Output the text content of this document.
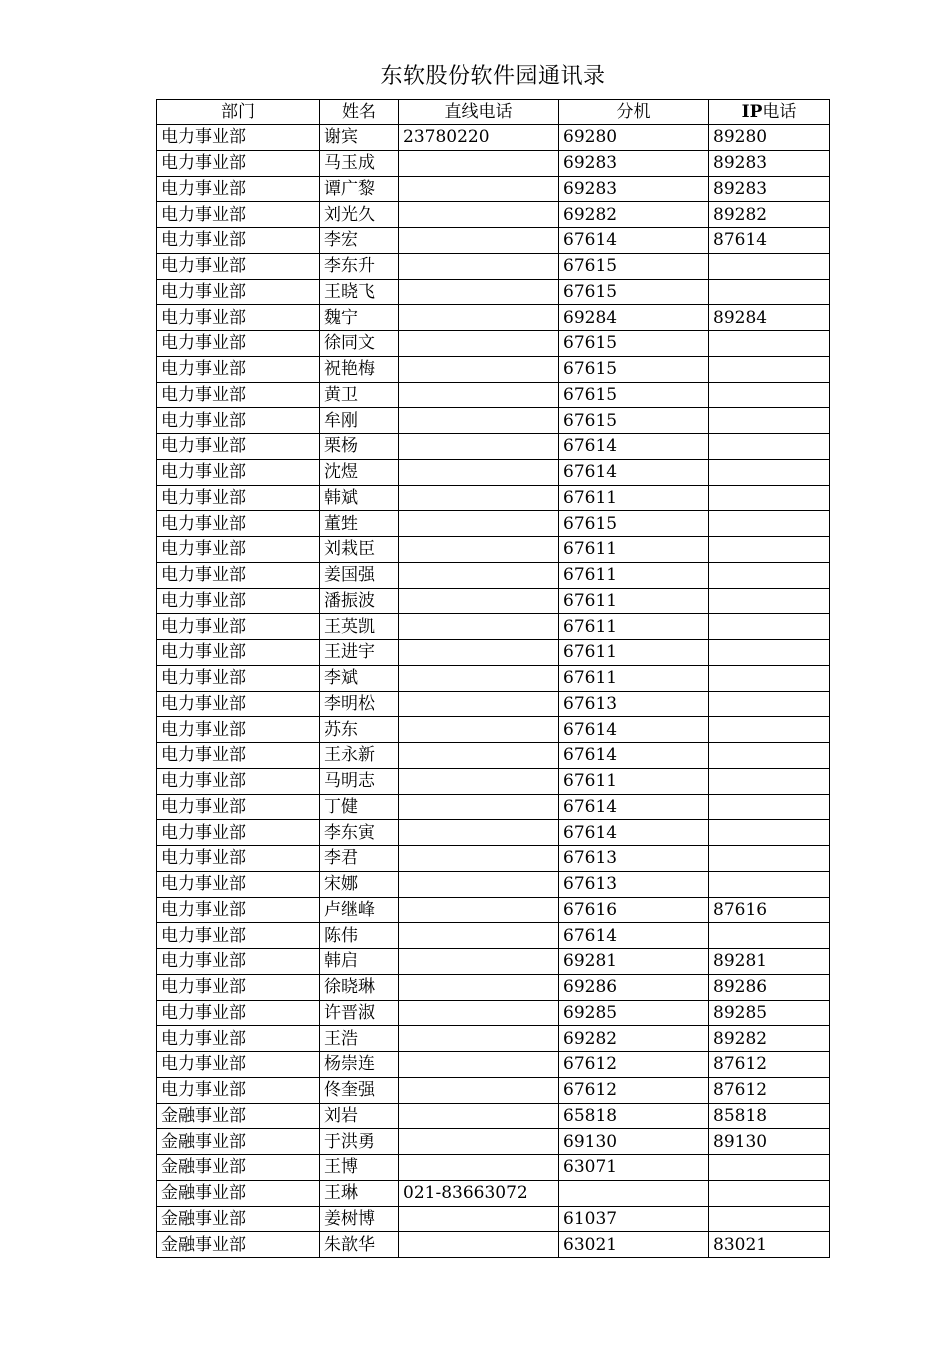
东软股份软件园通讯录
部门	姓名	直线电话	分机	IP电话
电力事业部	谢宾	23780220	69280	89280
电力事业部	马玉成		69283	89283
电力事业部	谭广黎		69283	89283
电力事业部	刘光久		69282	89282
电力事业部	李宏		67614	87614
电力事业部	李东升		67615	
电力事业部	王晓飞		67615	
电力事业部	魏宁		69284	89284
电力事业部	徐同文		67615	
电力事业部	祝艳梅		67615	
电力事业部	黄卫		67615	
电力事业部	牟刚		67615	
电力事业部	栗杨		67614	
电力事业部	沈煜		67614	
电力事业部	韩斌		67611	
电力事业部	董甡		67615	
电力事业部	刘栽臣		67611	
电力事业部	姜国强		67611	
电力事业部	潘振波		67611	
电力事业部	王英凯		67611	
电力事业部	王进宇		67611	
电力事业部	李斌		67611	
电力事业部	李明松		67613	
电力事业部	苏东		67614	
电力事业部	王永新		67614	
电力事业部	马明志		67611	
电力事业部	丁健		67614	
电力事业部	李东寅		67614	
电力事业部	李君		67613	
电力事业部	宋娜		67613	
电力事业部	卢继峰		67616	87616
电力事业部	陈伟		67614	
电力事业部	韩启		69281	89281
电力事业部	徐晓琳		69286	89286
电力事业部	许晋淑		69285	89285
电力事业部	王浩		69282	89282
电力事业部	杨崇连		67612	87612
电力事业部	佟奎强		67612	87612
金融事业部	刘岩		65818	85818
金融事业部	于洪勇		69130	89130
金融事业部	王博		63071	
金融事业部	王琳	021-83663072		
金融事业部	姜树博		61037	
金融事业部	朱歆华		63021	83021
